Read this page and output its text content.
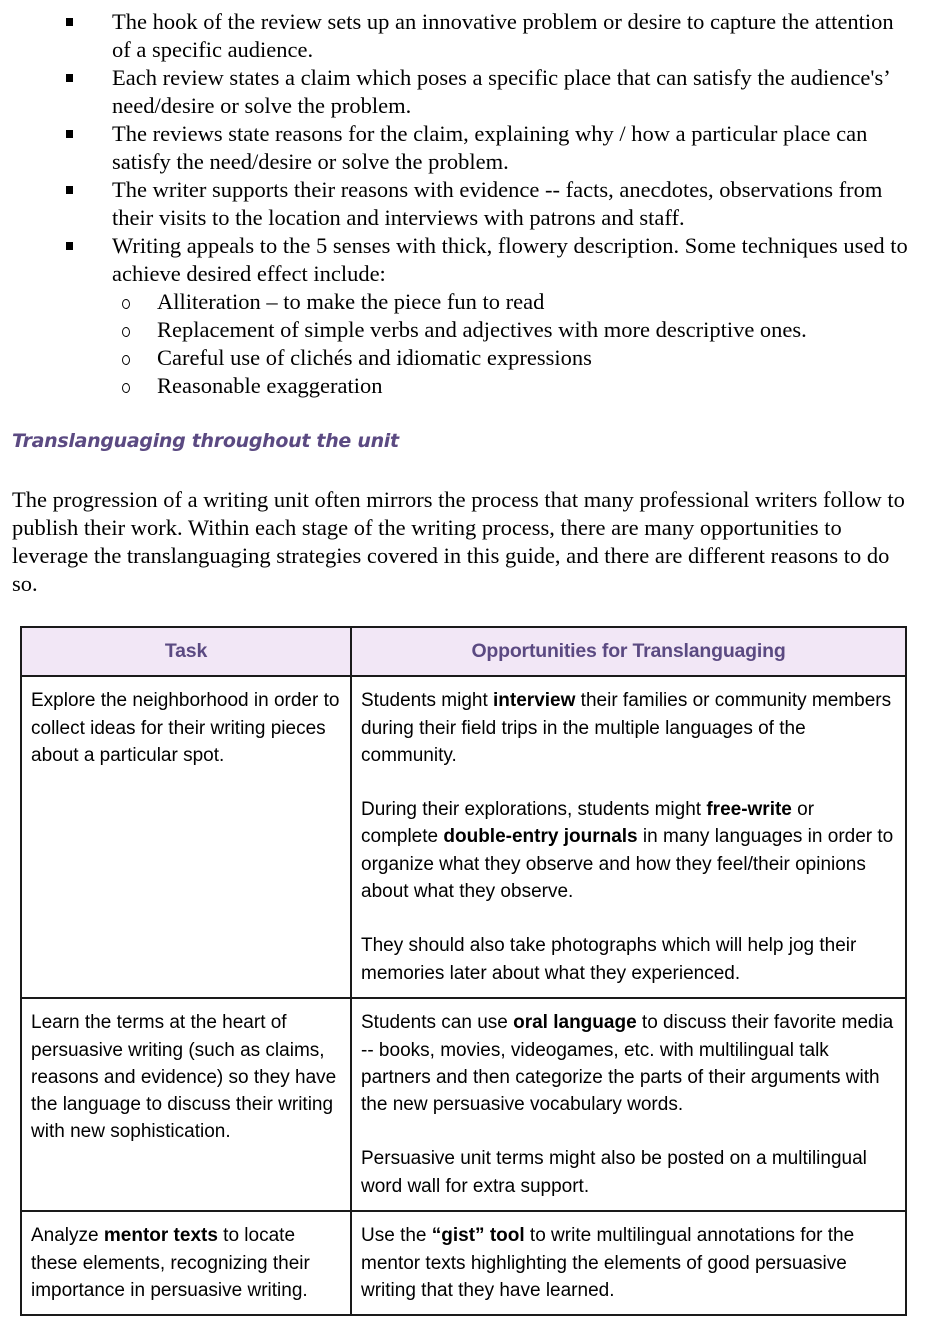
The hook of the review sets up an innovative problem or desire to capture the attention of a specific audience.
Each review states a claim which poses a specific place that can satisfy the audience's’ need/desire or solve the problem.
The reviews state reasons for the claim, explaining why / how a particular place can satisfy the need/desire or solve the problem.
The writer supports their reasons with evidence -- facts, anecdotes, observations from their visits to the location and interviews with patrons and staff.
Writing appeals to the 5 senses with thick, flowery description. Some techniques used to achieve desired effect include:
Alliteration – to make the piece fun to read
Replacement of simple verbs and adjectives with more descriptive ones.
Careful use of clichés and idiomatic expressions
Reasonable exaggeration
Translanguaging throughout the unit
The progression of a writing unit often mirrors the process that many professional writers follow to publish their work. Within each stage of the writing process, there are many opportunities to leverage the translanguaging strategies covered in this guide, and there are different reasons to do so.
Task	Opportunities for Translanguaging

Explore the neighborhood in order to collect ideas for their writing pieces about a particular spot.	Students might interview their families or community members during their field trips in the multiple languages of the community.

During their explorations, students might free-write or complete double-entry journals in many languages in order to organize what they observe and how they feel/their opinions about what they observe.

They should also take photographs which will help jog their memories later about what they experienced.

Learn the terms at the heart of persuasive writing (such as claims, reasons and evidence) so they have the language to discuss their writing with new sophistication.	Students can use oral language to discuss their favorite media -- books, movies, videogames, etc. with multilingual talk partners and then categorize the parts of their arguments with the new persuasive vocabulary words.

Persuasive unit terms might also be posted on a multilingual word wall for extra support.

Analyze mentor texts to locate these elements, recognizing their importance in persuasive writing.	Use the “gist” tool to write multilingual annotations for the mentor texts highlighting the elements of good persuasive writing that they have learned.
